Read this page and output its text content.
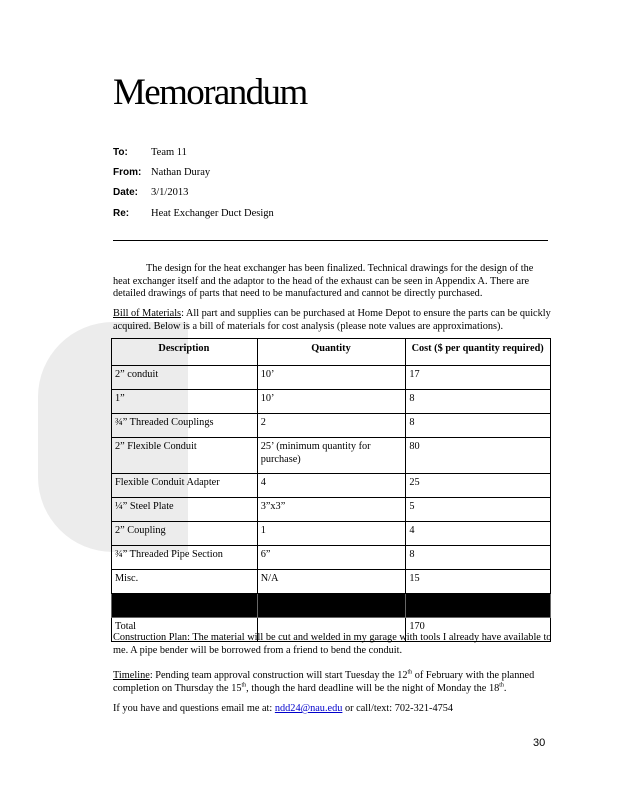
Memorandum
To:	Team 11
From: Nathan Duray
Date:	3/1/2013
Re:	Heat Exchanger Duct Design
The design for the heat exchanger has been finalized. Technical drawings for the design of the heat exchanger itself and the adaptor to the head of the exhaust can be seen in Appendix A. There are detailed drawings of parts that need to be manufactured and cannot be directly purchased.
Bill of Materials: All part and supplies can be purchased at Home Depot to ensure the parts can be quickly acquired. Below is a bill of materials for cost analysis (please note values are approximations).
Description	Quantity	Cost ($ per quantity required)
2” conduit	10’	17
1”	10’	8
¾” Threaded Couplings	2	8
2” Flexible Conduit	25’ (minimum quantity for purchase)	80
Flexible Conduit Adapter	4	25
¼” Steel Plate	3”x3”	5
2” Coupling	1	4
¾” Threaded Pipe Section	6”	8
Misc.	N/A	15

Total		170
Construction Plan: The material will be cut and welded in my garage with tools I already have available to me. A pipe bender will be borrowed from a friend to bend the conduit.
Timeline: Pending team approval construction will start Tuesday the 12th of February with the planned completion on Thursday the 15th, though the hard deadline will be the night of Monday the 18th.
If you have and questions email me at: ndd24@nau.edu or call/text: 702-321-4754
30
